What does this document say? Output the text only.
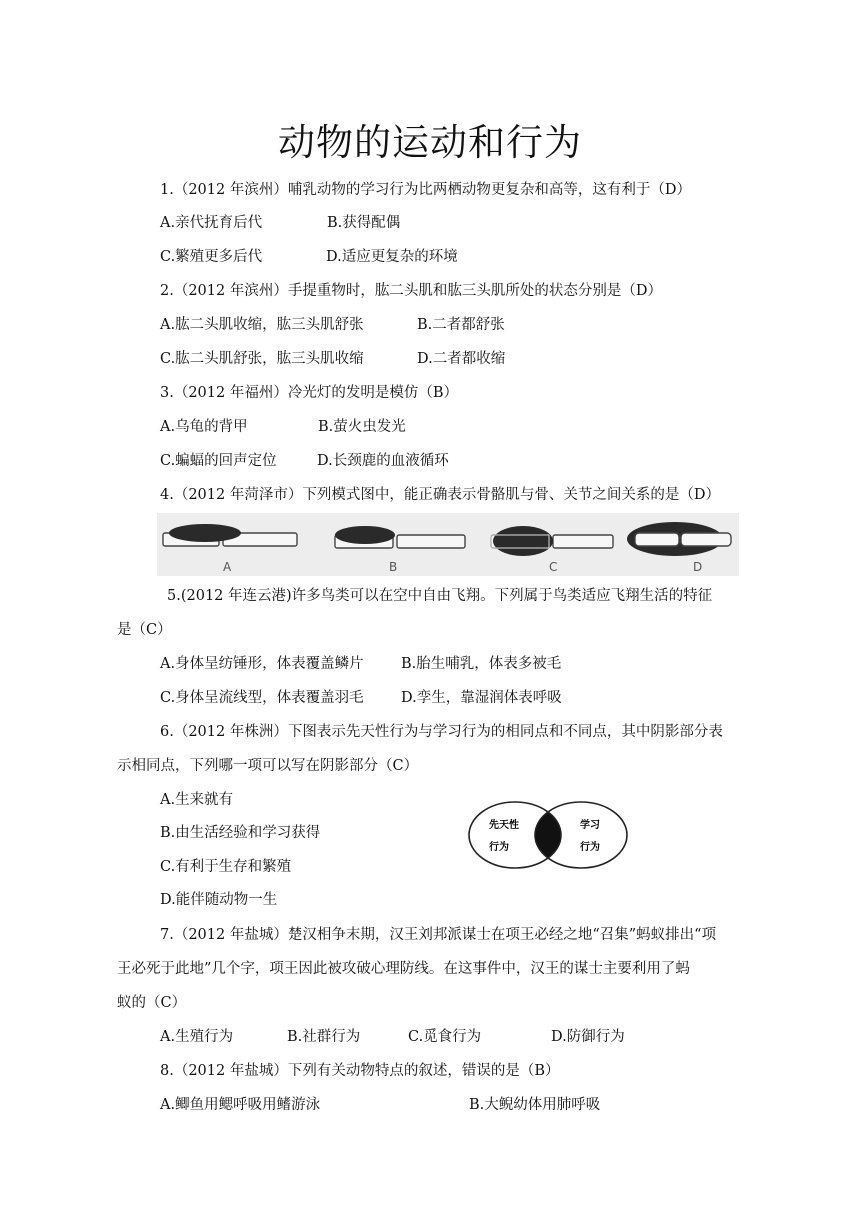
动物的运动和行为
1.（2012 年滨州）哺乳动物的学习行为比两栖动物更复杂和高等，这有利于（D）
A.亲代抚育后代	B.获得配偶
C.繁殖更多后代	D.适应更复杂的环境
2.（2012 年滨州）手提重物时，肱二头肌和肱三头肌所处的状态分别是（D）
A.肱二头肌收缩，肱三头肌舒张	B.二者都舒张
C.肱二头肌舒张，肱三头肌收缩	D.二者都收缩
3.（2012 年福州）冷光灯的发明是模仿（B）
A.乌龟的背甲	B.萤火虫发光
C.蝙蝠的回声定位	D.长颈鹿的血液循环
4.（2012 年菏泽市）下列模式图中，能正确表示骨骼肌与骨、关节之间关系的是（D）
A	B	C	D
5.(2012 年连云港)许多鸟类可以在空中自由飞翔。下列属于鸟类适应飞翔生活的特征
是（C）
A.身体呈纺锤形，体表覆盖鳞片	B.胎生哺乳，体表多被毛
C.身体呈流线型，体表覆盖羽毛	D.孪生，靠湿润体表呼吸
6.（2012 年株洲）下图表示先天性行为与学习行为的相同点和不同点，其中阴影部分表
示相同点，下列哪一项可以写在阴影部分（C）
A.生来就有
B.由生活经验和学习获得
C.有利于生存和繁殖
D.能伴随动物一生
先天性
行为
学习
行为
7.（2012 年盐城）楚汉相争末期，汉王刘邦派谋士在项王必经之地“召集”蚂蚁排出“项
王必死于此地”几个字，项王因此被攻破心理防线。在这事件中，汉王的谋士主要利用了蚂
蚁的（C）
A.生殖行为	B.社群行为	C.觅食行为	D.防御行为
8.（2012 年盐城）下列有关动物特点的叙述，错误的是（B）
A.鲫鱼用鳃呼吸用鳍游泳	B.大鲵幼体用肺呼吸
